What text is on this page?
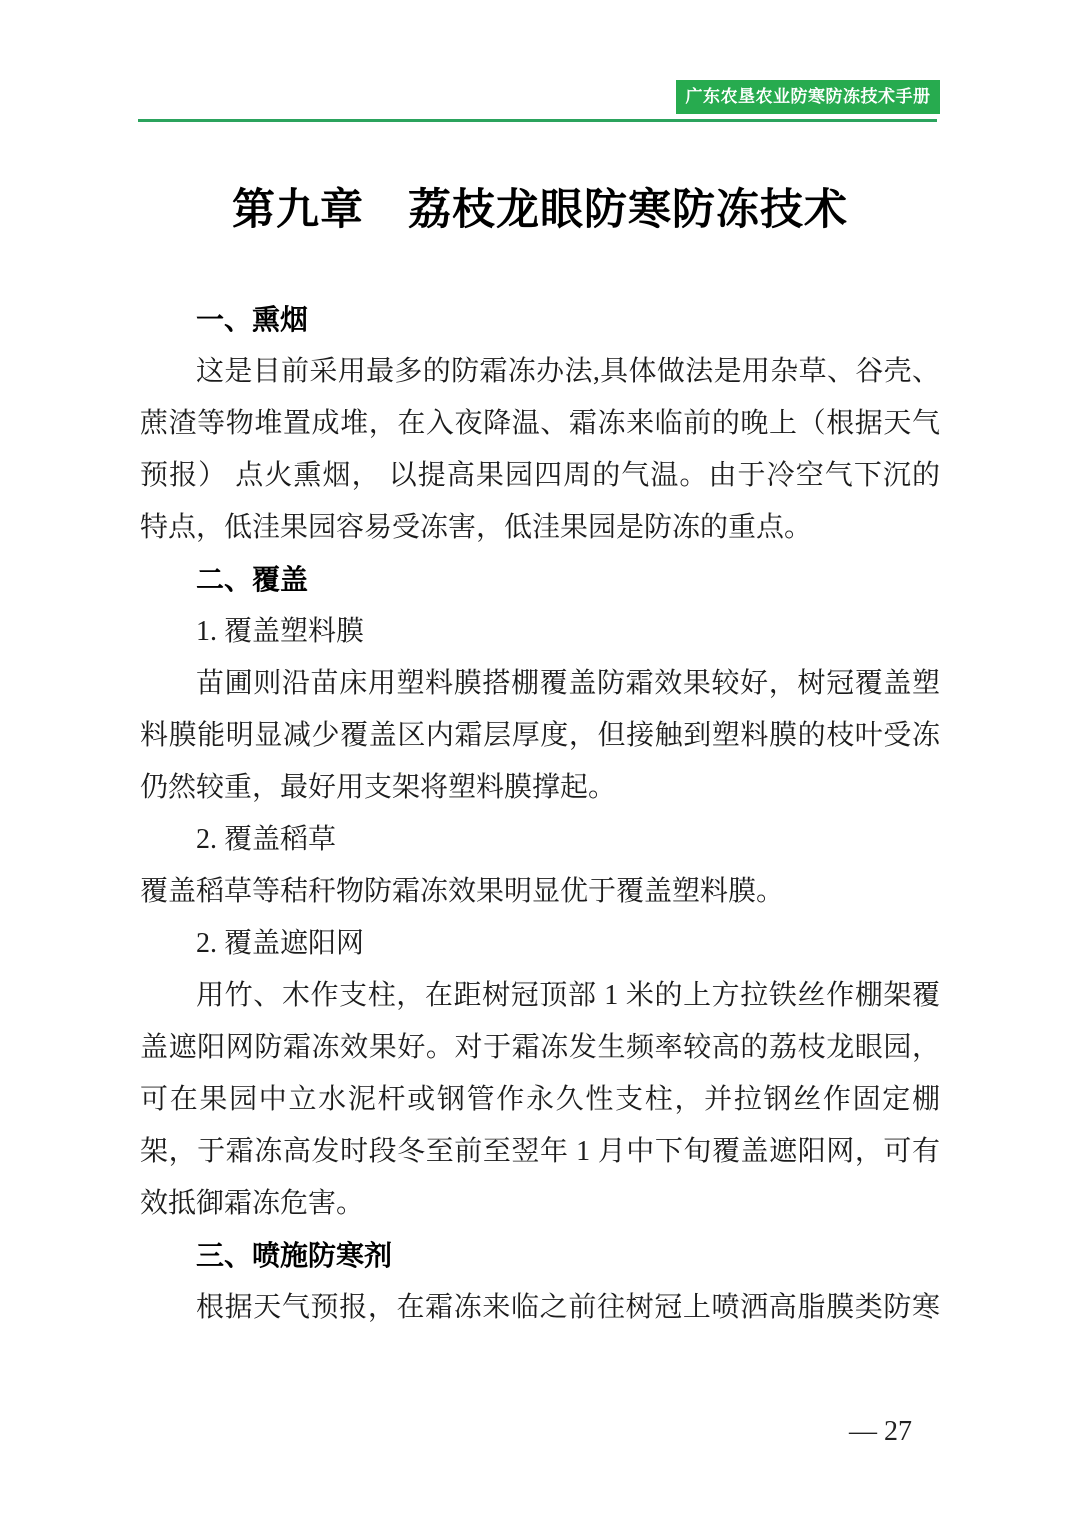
广东农垦农业防寒防冻技术手册
第九章　荔枝龙眼防寒防冻技术
一、熏烟
这是目前采用最多的防霜冻办法,具体做法是用杂草、谷壳、
蔗渣等物堆置成堆，在入夜降温、霜冻来临前的晚上（根据天气
预报） 点火熏烟， 以提高果园四周的气温。由于冷空气下沉的
特点，低洼果园容易受冻害，低洼果园是防冻的重点。
二、覆盖
1. 覆盖塑料膜
苗圃则沿苗床用塑料膜搭棚覆盖防霜效果较好，树冠覆盖塑
料膜能明显减少覆盖区内霜层厚度，但接触到塑料膜的枝叶受冻
仍然较重，最好用支架将塑料膜撑起。
2. 覆盖稻草
覆盖稻草等秸秆物防霜冻效果明显优于覆盖塑料膜。
2. 覆盖遮阳网
用竹、木作支柱，在距树冠顶部 1 米的上方拉铁丝作棚架覆
盖遮阳网防霜冻效果好。对于霜冻发生频率较高的荔枝龙眼园，
可在果园中立水泥杆或钢管作永久性支柱，并拉钢丝作固定棚
架，于霜冻高发时段冬至前至翌年 1 月中下旬覆盖遮阳网，可有
效抵御霜冻危害。
三、喷施防寒剂
根据天气预报，在霜冻来临之前往树冠上喷洒高脂膜类防寒
— 27
